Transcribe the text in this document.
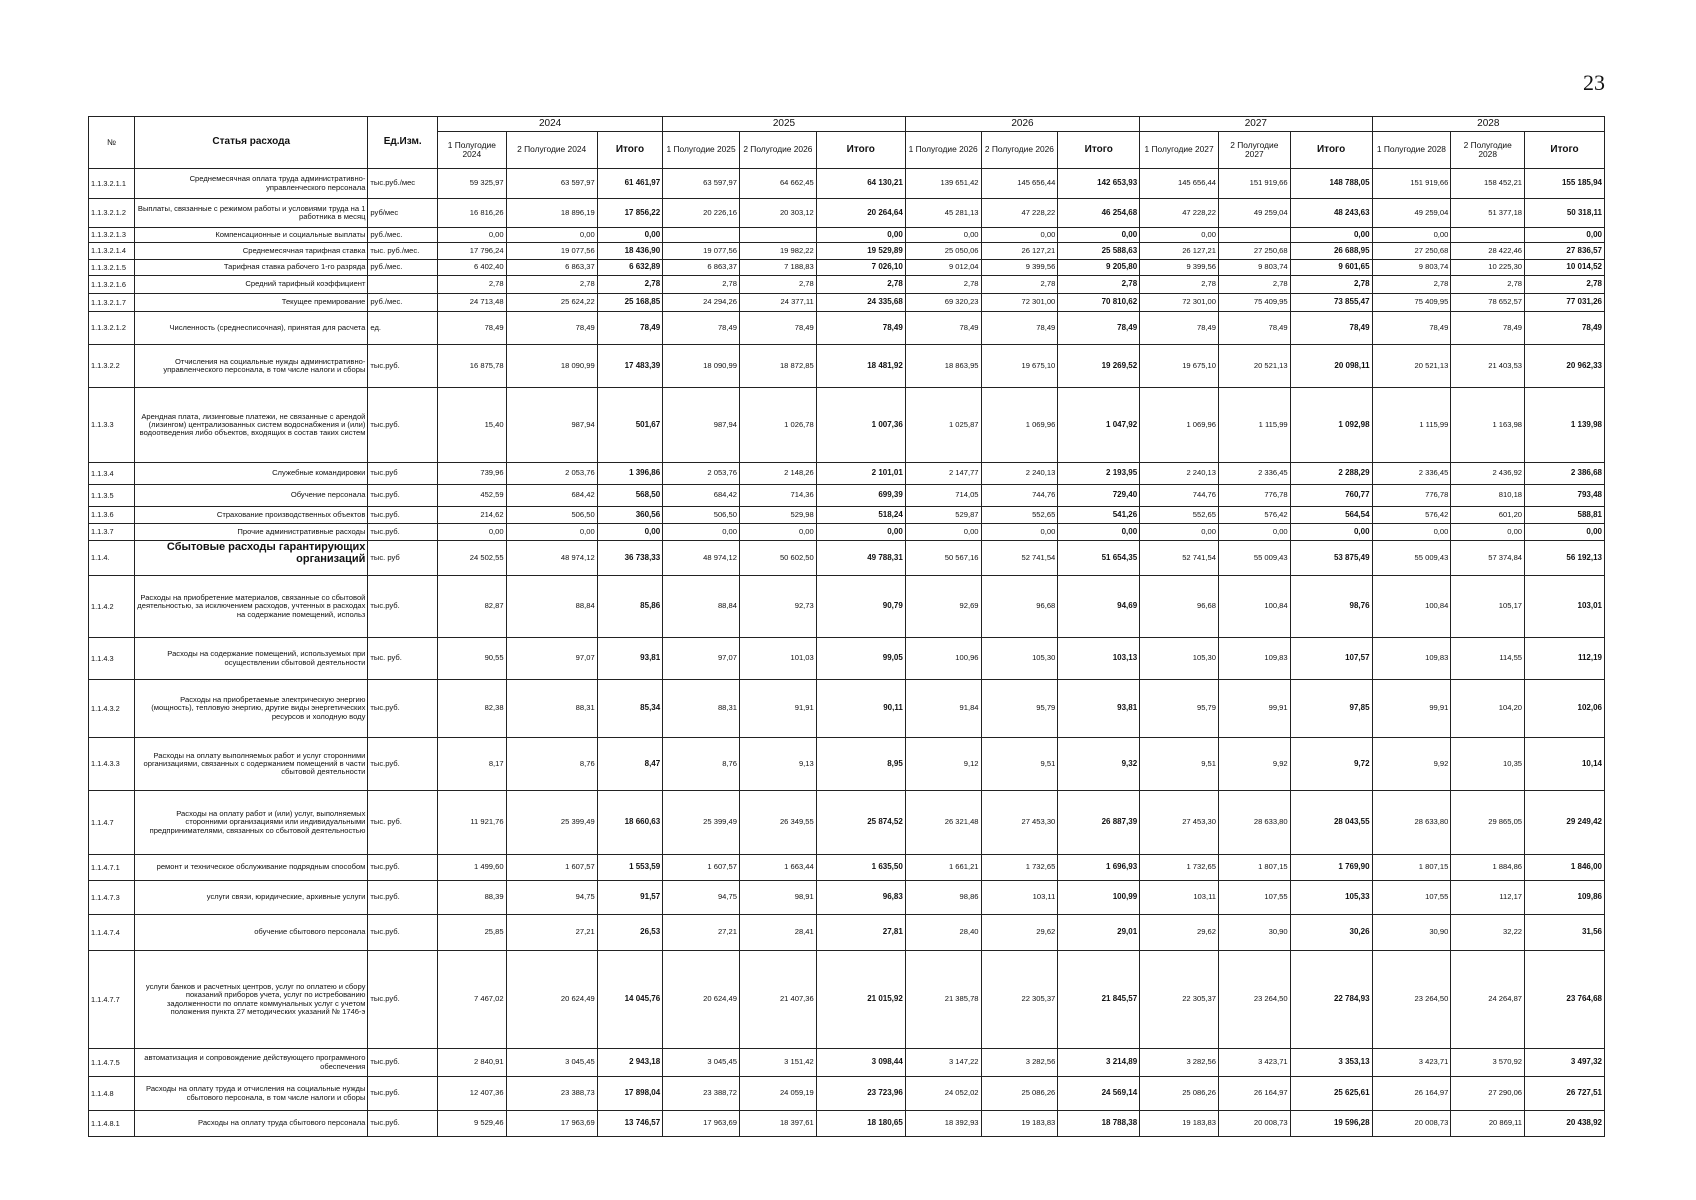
23
№	Статья расхода	Ед.Изм.	2024			2025			2026			2027			2028		
			1 Полугодие 2024	2 Полугодие 2024	Итого	1 Полугодие 2025	2 Полугодие 2026	Итого	1 Полугодие 2026	2 Полугодие 2026	Итого	1 Полугодие 2027	2 Полугодие 2027	Итого	1 Полугодие 2028	2 Полугодие 2028	Итого
1.1.3.2.1.1	Среднемесячная оплата труда административно-управленческого персонала	тыс.руб./мес	59 325,97	63 597,97	61 461,97	63 597,97	64 662,45	64 130,21	139 651,42	145 656,44	142 653,93	145 656,44	151 919,66	148 788,05	151 919,66	158 452,21	155 185,94
1.1.3.2.1.2	Выплаты, связанные с режимом работы и условиями труда на 1 работника в месяц	руб/мес	16 816,26	18 896,19	17 856,22	20 226,16	20 303,12	20 264,64	45 281,13	47 228,22	46 254,68	47 228,22	49 259,04	48 243,63	49 259,04	51 377,18	50 318,11
1.1.3.2.1.3	Компенсационные и социальные выплаты	руб./мес.	0,00	0,00	0,00			0,00	0,00	0,00	0,00	0,00		0,00	0,00		0,00
1.1.3.2.1.4	Среднемесячная тарифная ставка	тыс. руб./мес.	17 796,24	19 077,56	18 436,90	19 077,56	19 982,22	19 529,89	25 050,06	26 127,21	25 588,63	26 127,21	27 250,68	26 688,95	27 250,68	28 422,46	27 836,57
1.1.3.2.1.5	Тарифная ставка рабочего 1-го разряда	руб./мес.	6 402,40	6 863,37	6 632,89	6 863,37	7 188,83	7 026,10	9 012,04	9 399,56	9 205,80	9 399,56	9 803,74	9 601,65	9 803,74	10 225,30	10 014,52
1.1.3.2.1.6	Средний тарифный коэффициент		2,78	2,78	2,78	2,78	2,78	2,78	2,78	2,78	2,78	2,78	2,78	2,78	2,78	2,78	2,78
1.1.3.2.1.7	Текущее премирование	руб./мес.	24 713,48	25 624,22	25 168,85	24 294,26	24 377,11	24 335,68	69 320,23	72 301,00	70 810,62	72 301,00	75 409,95	73 855,47	75 409,95	78 652,57	77 031,26
1.1.3.2.1.2	Численность (среднесписочная), принятая для расчета	ед.	78,49	78,49	78,49	78,49	78,49	78,49	78,49	78,49	78,49	78,49	78,49	78,49	78,49	78,49	78,49
1.1.3.2.2	Отчисления на социальные нужды административно-управленческого персонала, в том числе налоги и сборы	тыс.руб.	16 875,78	18 090,99	17 483,39	18 090,99	18 872,85	18 481,92	18 863,95	19 675,10	19 269,52	19 675,10	20 521,13	20 098,11	20 521,13	21 403,53	20 962,33
1.1.3.3	Арендная плата, лизинговые платежи, не связанные с арендой (лизингом) централизованных систем водоснабжения и (или) водоотведения либо объектов, входящих в состав таких систем	тыс.руб.	15,40	987,94	501,67	987,94	1 026,78	1 007,36	1 025,87	1 069,96	1 047,92	1 069,96	1 115,99	1 092,98	1 115,99	1 163,98	1 139,98
1.1.3.4	Служебные командировки	тыс.руб	739,96	2 053,76	1 396,86	2 053,76	2 148,26	2 101,01	2 147,77	2 240,13	2 193,95	2 240,13	2 336,45	2 288,29	2 336,45	2 436,92	2 386,68
1.1.3.5	Обучение персонала	тыс.руб.	452,59	684,42	568,50	684,42	714,36	699,39	714,05	744,76	729,40	744,76	776,78	760,77	776,78	810,18	793,48
1.1.3.6	Страхование производственных объектов	тыс.руб.	214,62	506,50	360,56	506,50	529,98	518,24	529,87	552,65	541,26	552,65	576,42	564,54	576,42	601,20	588,81
1.1.3.7	Прочие административные расходы	тыс.руб.	0,00	0,00	0,00	0,00	0,00	0,00	0,00	0,00	0,00	0,00	0,00	0,00	0,00	0,00	0,00
1.1.4.	Сбытовые расходы гарантирующих организаций	тыс. руб	24 502,55	48 974,12	36 738,33	48 974,12	50 602,50	49 788,31	50 567,16	52 741,54	51 654,35	52 741,54	55 009,43	53 875,49	55 009,43	57 374,84	56 192,13
1.1.4.2	Расходы на приобретение материалов, связанные со сбытовой деятельностью, за исключением расходов, учтенных в расходах на содержание помещений, использ	тыс.руб.	82,87	88,84	85,86	88,84	92,73	90,79	92,69	96,68	94,69	96,68	100,84	98,76	100,84	105,17	103,01
1.1.4.3	Расходы на содержание помещений, используемых при осуществлении сбытовой деятельности	тыс. руб.	90,55	97,07	93,81	97,07	101,03	99,05	100,96	105,30	103,13	105,30	109,83	107,57	109,83	114,55	112,19
1.1.4.3.2	Расходы на приобретаемые электрическую энергию (мощность), тепловую энергию, другие виды энергетических ресурсов и холодную воду	тыс.руб.	82,38	88,31	85,34	88,31	91,91	90,11	91,84	95,79	93,81	95,79	99,91	97,85	99,91	104,20	102,06
1.1.4.3.3	Расходы на оплату выполняемых работ и услуг сторонними организациями, связанных с содержанием помещений в части сбытовой деятельности	тыс.руб.	8,17	8,76	8,47	8,76	9,13	8,95	9,12	9,51	9,32	9,51	9,92	9,72	9,92	10,35	10,14
1.1.4.7	Расходы на оплату работ и (или) услуг, выполняемых сторонними организациями или индивидуальными предпринимателями, связанных со сбытовой деятельностью	тыс. руб.	11 921,76	25 399,49	18 660,63	25 399,49	26 349,55	25 874,52	26 321,48	27 453,30	26 887,39	27 453,30	28 633,80	28 043,55	28 633,80	29 865,05	29 249,42
1.1.4.7.1	ремонт и техническое обслуживание подрядным способом	тыс.руб.	1 499,60	1 607,57	1 553,59	1 607,57	1 663,44	1 635,50	1 661,21	1 732,65	1 696,93	1 732,65	1 807,15	1 769,90	1 807,15	1 884,86	1 846,00
1.1.4.7.3	услуги связи, юридические, архивные услуги	тыс.руб.	88,39	94,75	91,57	94,75	98,91	96,83	98,86	103,11	100,99	103,11	107,55	105,33	107,55	112,17	109,86
1.1.4.7.4	обучение сбытового персонала	тыс.руб.	25,85	27,21	26,53	27,21	28,41	27,81	28,40	29,62	29,01	29,62	30,90	30,26	30,90	32,22	31,56
1.1.4.7.7	услуги банков и расчетных центров, услуг по оплатею и сбору показаний приборов учета, услуг по истребованию задолженности по оплате коммунальных услуг с учетом положения пункта 27 методических указаний № 1746-э	тыс.руб.	7 467,02	20 624,49	14 045,76	20 624,49	21 407,36	21 015,92	21 385,78	22 305,37	21 845,57	22 305,37	23 264,50	22 784,93	23 264,50	24 264,87	23 764,68
1.1.4.7.5	автоматизация и сопровождение действующего программного обеспечения	тыс.руб.	2 840,91	3 045,45	2 943,18	3 045,45	3 151,42	3 098,44	3 147,22	3 282,56	3 214,89	3 282,56	3 423,71	3 353,13	3 423,71	3 570,92	3 497,32
1.1.4.8	Расходы на оплату труда и отчисления на социальные нужды сбытового персонала, в том числе налоги и сборы	тыс.руб.	12 407,36	23 388,73	17 898,04	23 388,72	24 059,19	23 723,96	24 052,02	25 086,26	24 569,14	25 086,26	26 164,97	25 625,61	26 164,97	27 290,06	26 727,51
1.1.4.8.1	Расходы на оплату труда сбытового персонала	тыс.руб.	9 529,46	17 963,69	13 746,57	17 963,69	18 397,61	18 180,65	18 392,93	19 183,83	18 788,38	19 183,83	20 008,73	19 596,28	20 008,73	20 869,11	20 438,92
